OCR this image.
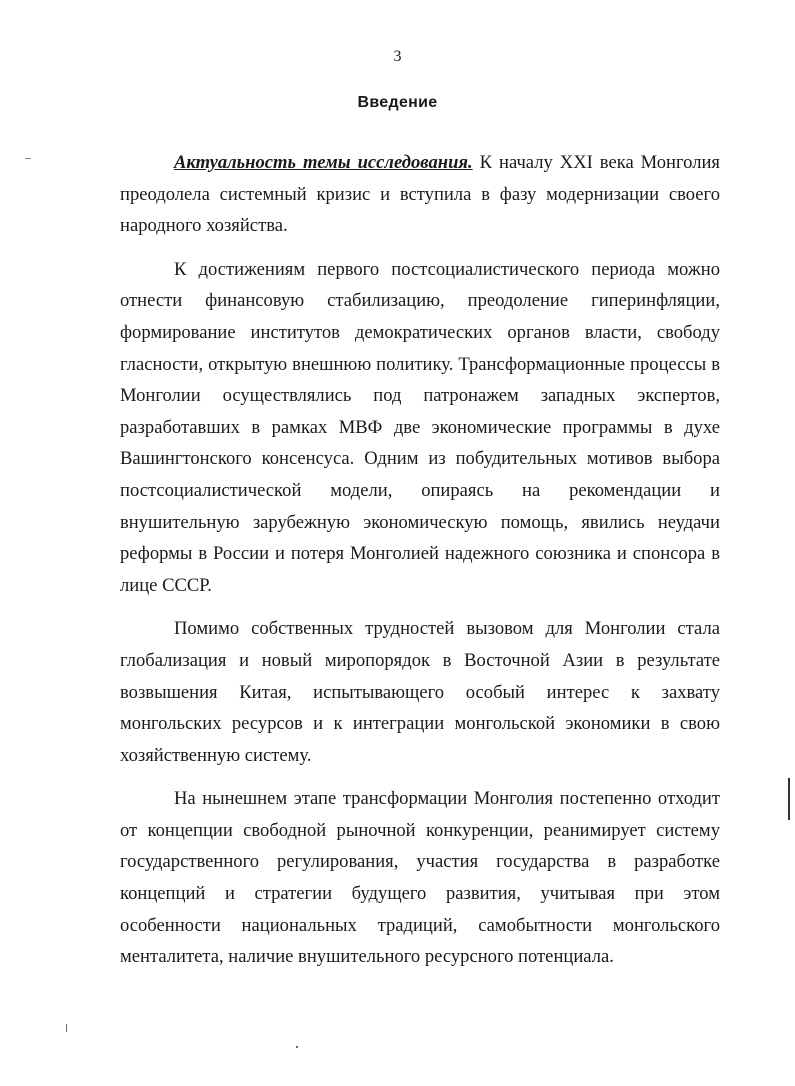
3
Введение

Актуальность темы исследования. К началу XXI века Монголия преодолела системный кризис и вступила в фазу модернизации своего народного хозяйства.

К достижениям первого постсоциалистического периода можно отнести финансовую стабилизацию, преодоление гиперинфляции, формирование институтов демократических органов власти, свободу гласности, открытую внешнюю политику. Трансформационные процессы в Монголии осуществлялись под патронажем западных экспертов, разработавших в рамках МВФ две экономические программы в духе Вашингтонского консенсуса. Одним из побудительных мотивов выбора постсоциалистической модели, опираясь на рекомендации и внушительную зарубежную экономическую помощь, явились неудачи реформы в России и потеря Монголией надежного союзника и спонсора в лице СССР.

Помимо собственных трудностей вызовом для Монголии стала глобализация и новый миропорядок в Восточной Азии в результате возвышения Китая, испытывающего особый интерес к захвату монгольских ресурсов и к интеграции монгольской экономики в свою хозяйственную систему.

На нынешнем этапе трансформации Монголия постепенно отходит от концепции свободной рыночной конкуренции, реанимирует систему государственного регулирования, участия государства в разработке концепций и стратегии будущего развития, учитывая при этом особенности национальных традиций, самобытности монгольского менталитета, наличие внушительного ресурсного потенциала.
